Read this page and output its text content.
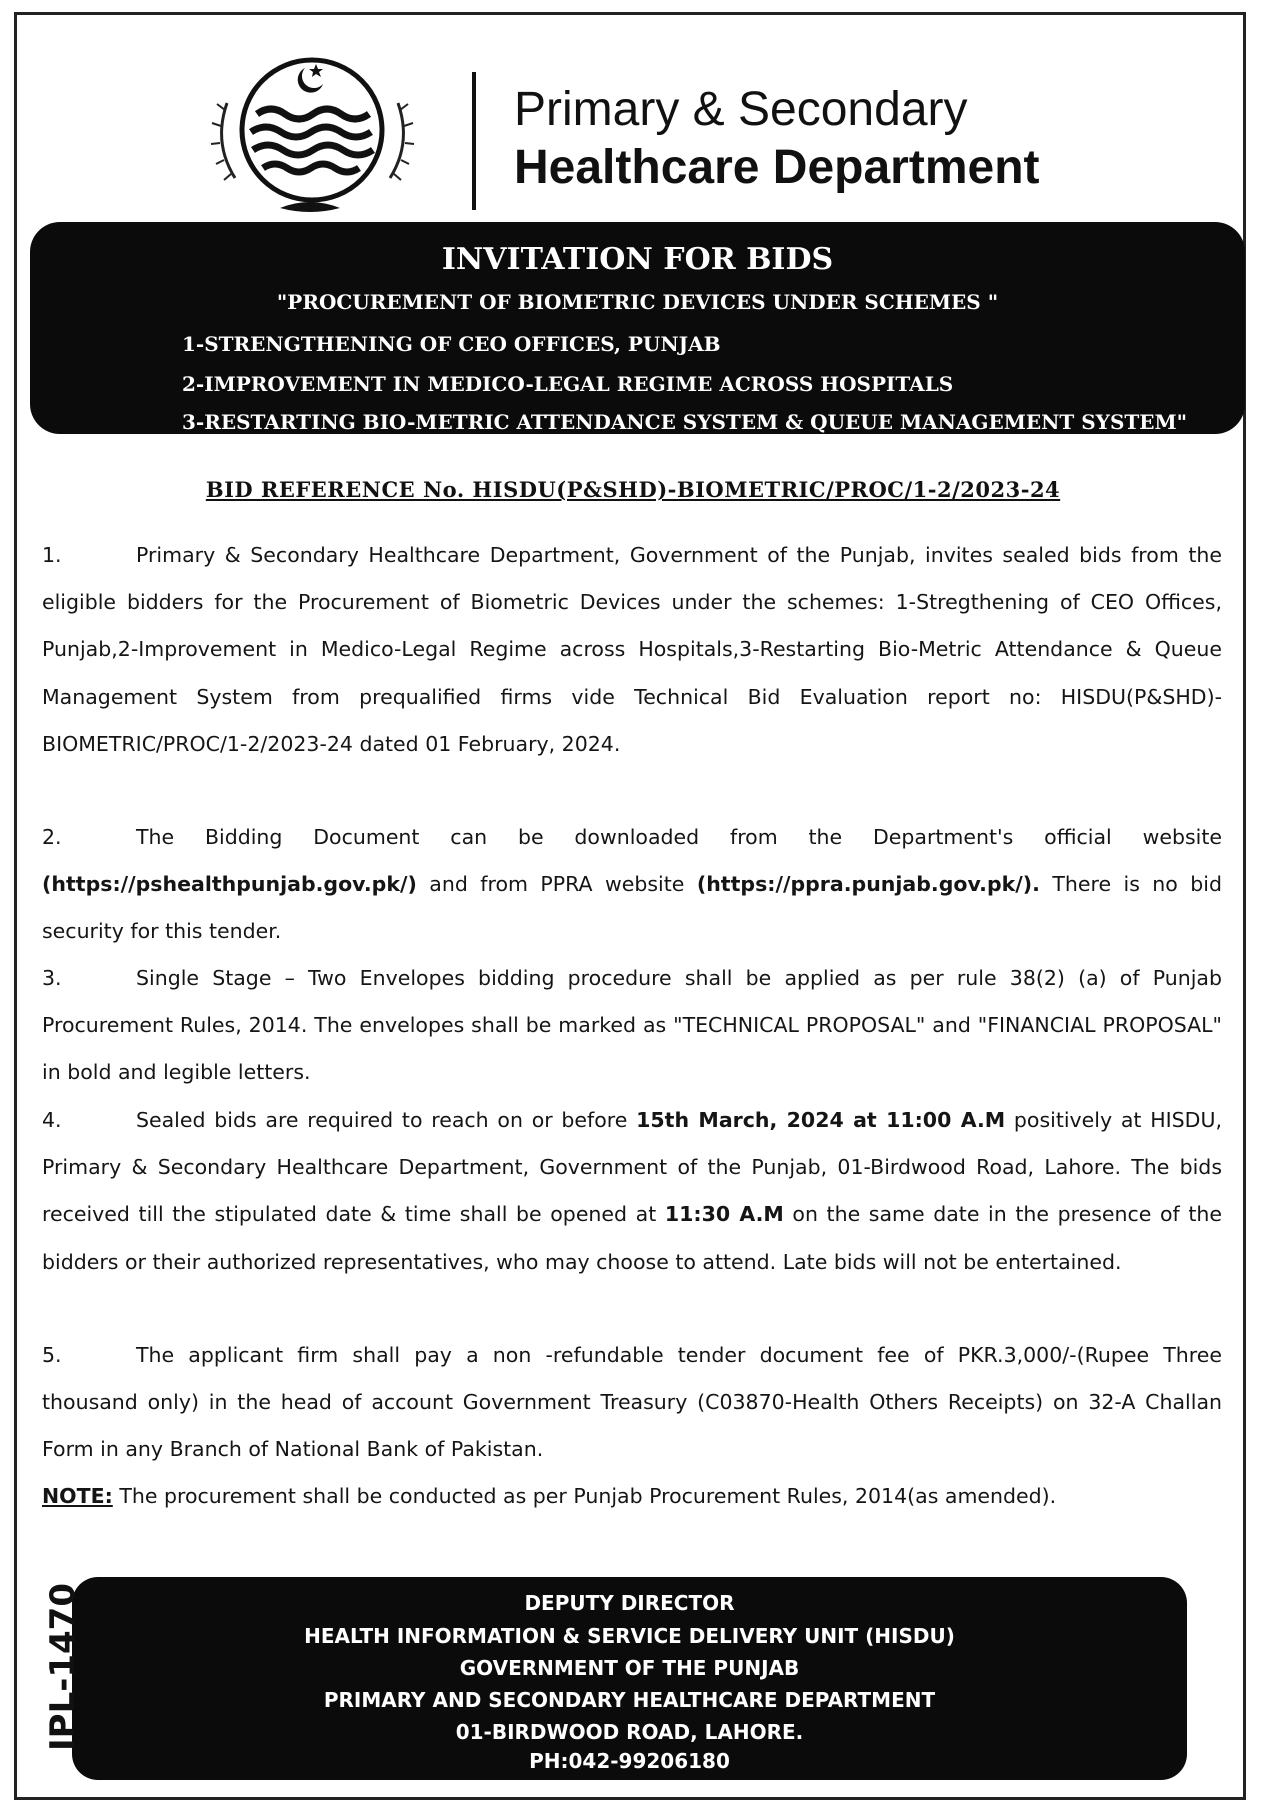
Primary & Secondary
Healthcare Department
INVITATION FOR BIDS
"PROCUREMENT OF BIOMETRIC DEVICES UNDER SCHEMES "
1-STRENGTHENING OF CEO OFFICES, PUNJAB
2-IMPROVEMENT IN MEDICO-LEGAL REGIME ACROSS HOSPITALS
3-RESTARTING BIO-METRIC ATTENDANCE SYSTEM & QUEUE MANAGEMENT SYSTEM"
BID REFERENCE No. HISDU(P&SHD)-BIOMETRIC/PROC/1-2/2023-24
1.	Primary & Secondary Healthcare Department, Government of the Punjab, invites sealed bids from the eligible bidders for the Procurement of Biometric Devices under the schemes: 1-Stregthening of CEO Offices, Punjab,2-Improvement in Medico-Legal Regime across Hospitals,3-Restarting Bio-Metric Attendance & Queue Management System from prequalified firms vide Technical Bid Evaluation report no: HISDU(P&SHD)-BIOMETRIC/PROC/1-2/2023-24 dated 01 February, 2024.
2.	The Bidding Document can be downloaded from the Department's official website (https://pshealthpunjab.gov.pk/) and from PPRA website (https://ppra.punjab.gov.pk/). There is no bid security for this tender.
3.	Single Stage – Two Envelopes bidding procedure shall be applied as per rule 38(2) (a) of Punjab Procurement Rules, 2014. The envelopes shall be marked as "TECHNICAL PROPOSAL" and "FINANCIAL PROPOSAL" in bold and legible letters.
4.	Sealed bids are required to reach on or before 15th March, 2024 at 11:00 A.M positively at HISDU, Primary & Secondary Healthcare Department, Government of the Punjab, 01-Birdwood Road, Lahore. The bids received till the stipulated date & time shall be opened at 11:30 A.M on the same date in the presence of the bidders or their authorized representatives, who may choose to attend. Late bids will not be entertained.
5.	The applicant firm shall pay a non -refundable tender document fee of PKR.3,000/-(Rupee Three thousand only) in the head of account Government Treasury (C03870-Health Others Receipts) on 32-A Challan Form in any Branch of National Bank of Pakistan.
NOTE: The procurement shall be conducted as per Punjab Procurement Rules, 2014(as amended).
DEPUTY DIRECTOR
HEALTH INFORMATION & SERVICE DELIVERY UNIT (HISDU)
GOVERNMENT OF THE PUNJAB
PRIMARY AND SECONDARY HEALTHCARE DEPARTMENT
01-BIRDWOOD ROAD, LAHORE.
PH:042-99206180
IPL-1470
